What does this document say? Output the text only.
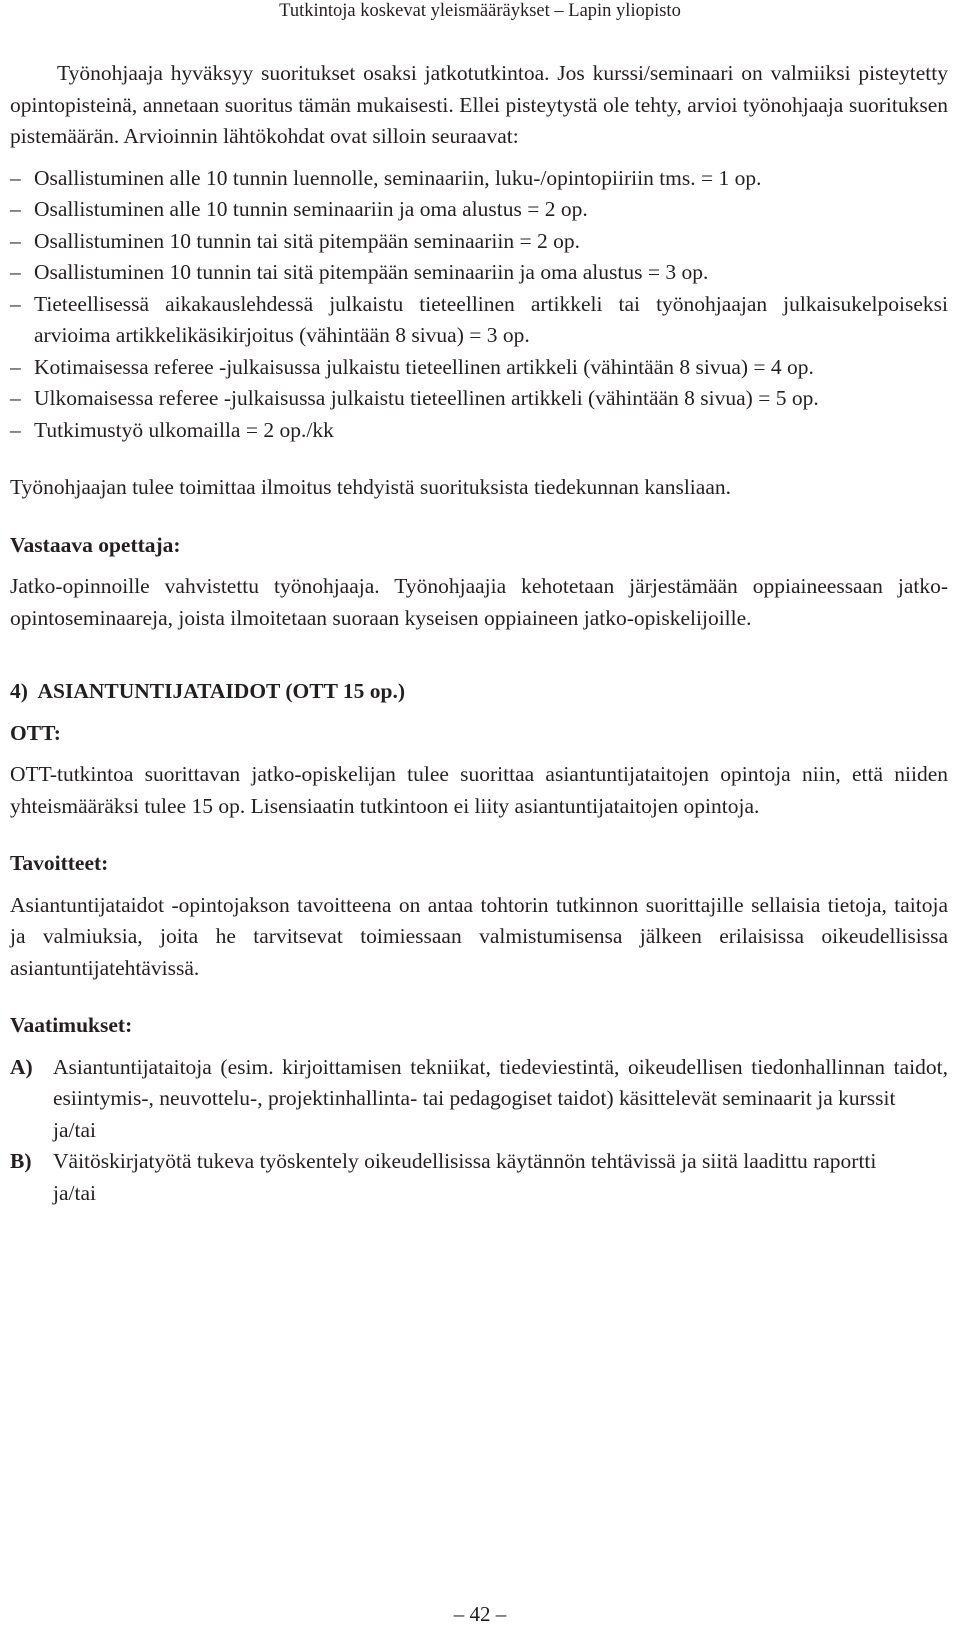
Tutkintoja koskevat yleismääräykset – Lapin yliopisto

Työnohjaaja hyväksyy suoritukset osaksi jatkotutkintoa. Jos kurssi/seminaari on valmiiksi pisteytetty opintopisteinä, annetaan suoritus tämän mukaisesti. Ellei pisteytystä ole tehty, arvioi työnohjaaja suorituksen pistemäärän. Arvioinnin lähtökohdat ovat silloin seuraavat:

– Osallistuminen alle 10 tunnin luennolle, seminaariin, luku-/opintopiiriin tms. = 1 op.
– Osallistuminen alle 10 tunnin seminaariin ja oma alustus = 2 op.
– Osallistuminen 10 tunnin tai sitä pitempään seminaariin = 2 op.
– Osallistuminen 10 tunnin tai sitä pitempään seminaariin ja oma alustus = 3 op.
– Tieteellisessä aikakauslehdessä julkaistu tieteellinen artikkeli tai työnohjaajan julkaisukelpoiseksi arvioima artikkelikäsikirjoitus (vähintään 8 sivua) = 3 op.
– Kotimaisessa referee -julkaisussa julkaistu tieteellinen artikkeli (vähintään 8 sivua) = 4 op.
– Ulkomaisessa referee -julkaisussa julkaistu tieteellinen artikkeli (vähintään 8 sivua) = 5 op.
– Tutkimustyö ulkomailla = 2 op./kk

Työnohjaajan tulee toimittaa ilmoitus tehdyistä suorituksista tiedekunnan kansliaan.

Vastaava opettaja:

Jatko-opinnoille vahvistettu työnohjaaja. Työnohjaajia kehotetaan järjestämään oppiaineessaan jatko-opintoseminaareja, joista ilmoitetaan suoraan kyseisen oppiaineen jatko-opiskelijoille.

4)  ASIANTUNTIJATAIDOT (OTT 15 op.)

OTT:

OTT-tutkintoa suorittavan jatko-opiskelijan tulee suorittaa asiantuntijataitojen opintoja niin, että niiden yhteismääräksi tulee 15 op. Lisensiaatin tutkintoon ei liity asiantuntijataitojen opintoja.

Tavoitteet:

Asiantuntijataidot -opintojakson tavoitteena on antaa tohtorin tutkinnon suorittajille sellaisia tietoja, taitoja ja valmiuksia, joita he tarvitsevat toimiessaan valmistumisensa jälkeen erilaisissa oikeudellisissa asiantuntijatehtävissä.

Vaatimukset:

A) Asiantuntijataitoja (esim. kirjoittamisen tekniikat, tiedeviestintä, oikeudellisen tiedonhallinnan taidot, esiintymis-, neuvottelu-, projektinhallinta- tai pedagogiset taidot) käsittelevät seminaarit ja kurssit
ja/tai
B) Väitöskirjatyötä tukeva työskentely oikeudellisissa käytännön tehtävissä ja siitä laadittu raportti
ja/tai
– 42 –
